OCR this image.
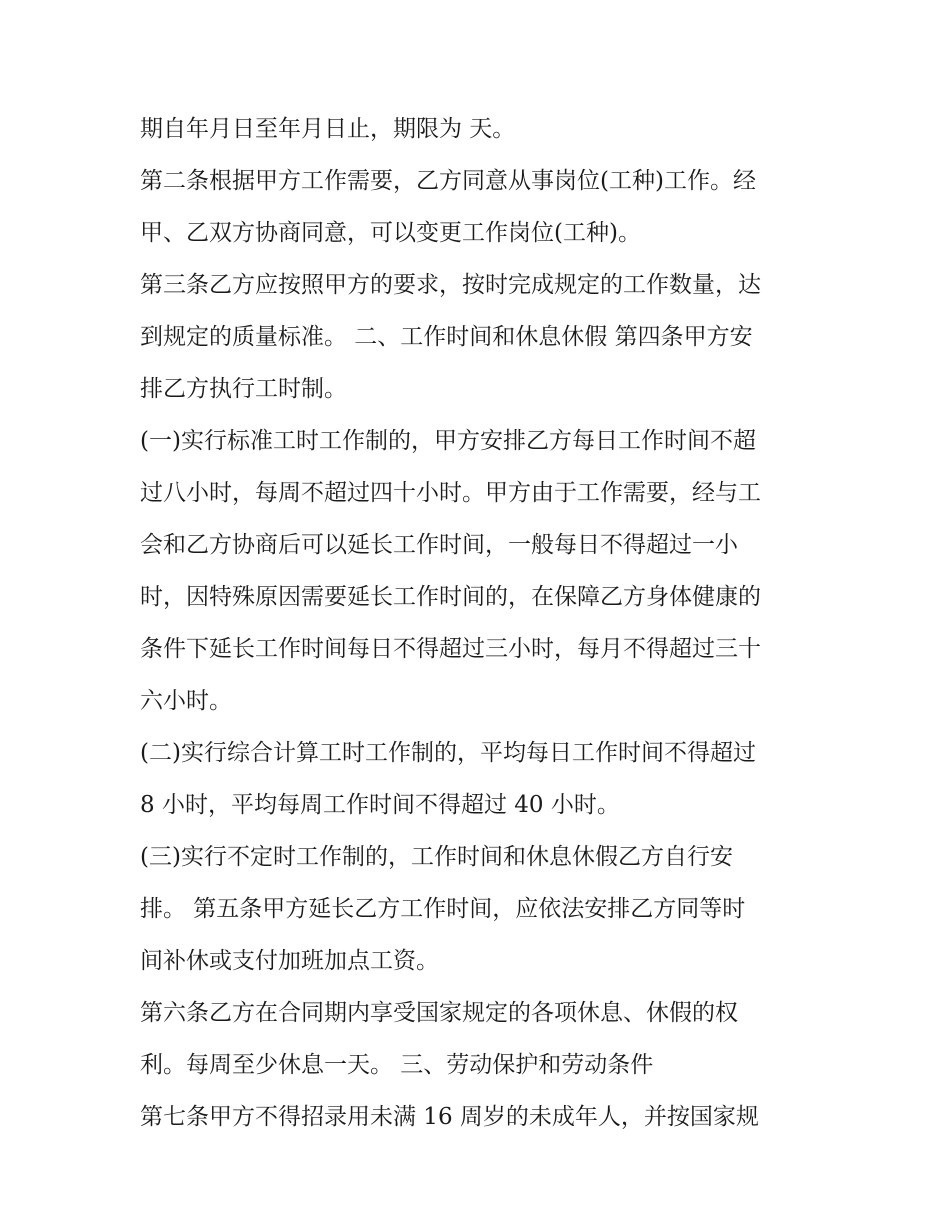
期自年月日至年月日止，期限为 天。
第二条根据甲方工作需要，乙方同意从事岗位(工种)工作。经
甲、乙双方协商同意，可以变更工作岗位(工种)。
第三条乙方应按照甲方的要求，按时完成规定的工作数量，达
到规定的质量标准。 二、工作时间和休息休假 第四条甲方安
排乙方执行工时制。
(一)实行标准工时工作制的，甲方安排乙方每日工作时间不超
过八小时，每周不超过四十小时。甲方由于工作需要，经与工
会和乙方协商后可以延长工作时间，一般每日不得超过一小
时，因特殊原因需要延长工作时间的，在保障乙方身体健康的
条件下延长工作时间每日不得超过三小时，每月不得超过三十
六小时。
(二)实行综合计算工时工作制的，平均每日工作时间不得超过
8 小时，平均每周工作时间不得超过 40 小时。
(三)实行不定时工作制的，工作时间和休息休假乙方自行安
排。 第五条甲方延长乙方工作时间，应依法安排乙方同等时
间补休或支付加班加点工资。
第六条乙方在合同期内享受国家规定的各项休息、休假的权
利。每周至少休息一天。 三、劳动保护和劳动条件
第七条甲方不得招录用未满 16 周岁的未成年人，并按国家规
